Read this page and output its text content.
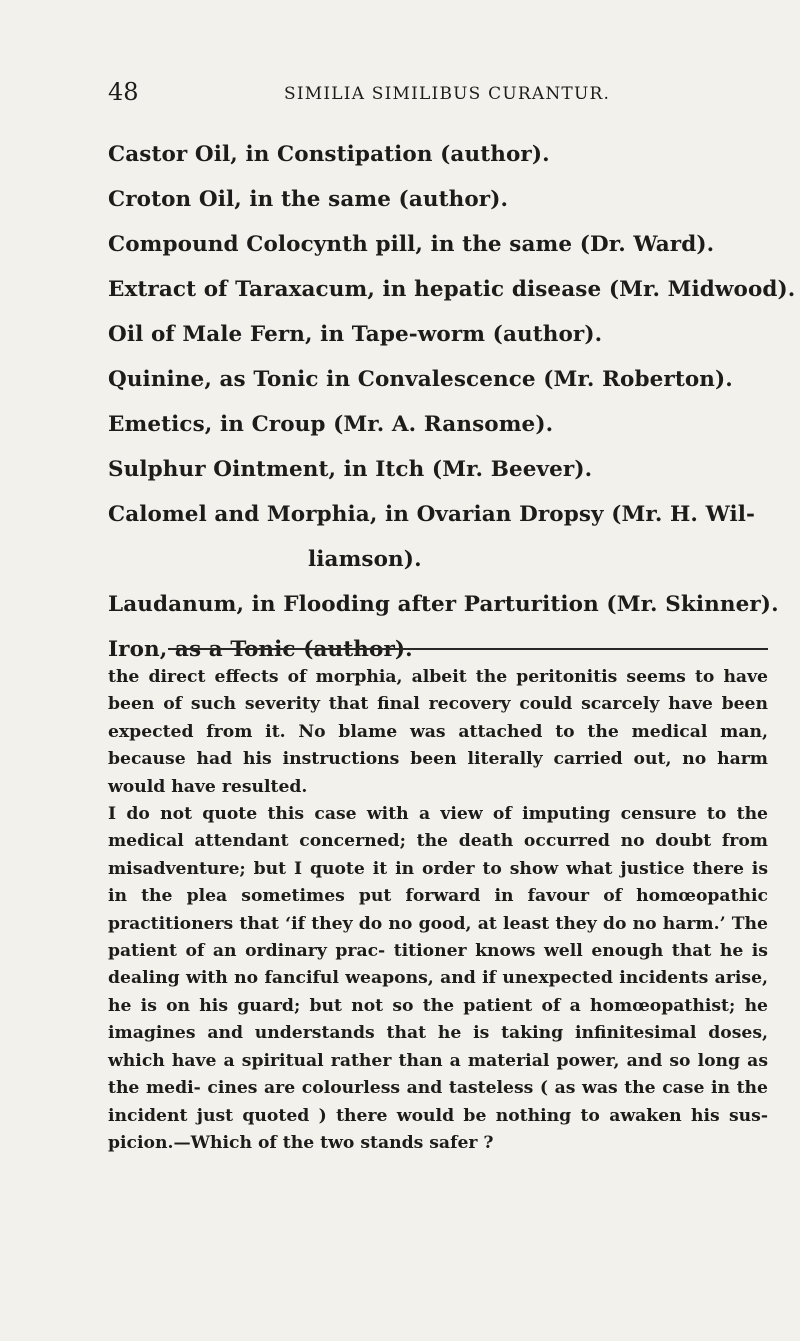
48	SIMILIA SIMILIBUS CURANTUR.
Castor Oil, in Constipation (author).
Croton Oil, in the same (author).
Compound Colocynth pill, in the same (Dr. Ward).
Extract of Taraxacum, in hepatic disease (Mr. Midwood).
Oil of Male Fern, in Tape-worm (author).
Quinine, as Tonic in Convalescence (Mr. Roberton).
Emetics, in Croup (Mr. A. Ransome).
Sulphur Ointment, in Itch (Mr. Beever).
Calomel and Morphia, in Ovarian Dropsy (Mr. H. Wil-
liamson).
Laudanum, in Flooding after Parturition (Mr. Skinner).
Iron, as a Tonic (author).

the direct effects of morphia, albeit the peritonitis seems to have been of such severity that final recovery could scarcely have been expected from it. No blame was attached to the medical man, because had his instructions been literally carried out, no harm would have resulted.

I do not quote this case with a view of imputing censure to the medical attendant concerned; the death occurred no doubt from misadventure; but I quote it in order to show what justice there is in the plea sometimes put forward in favour of homœopathic practitioners that ‘if they do no good, at least they do no harm.’ The patient of an ordinary prac- titioner knows well enough that he is dealing with no fanciful weapons, and if unexpected incidents arise, he is on his guard; but not so the patient of a homœopathist; he imagines and understands that he is taking infinitesimal doses, which have a spiritual rather than a material power, and so long as the medi- cines are colourless and tasteless ( as was the case in the incident just quoted ) there would be nothing to awaken his sus- picion.—Which of the two stands safer ?
